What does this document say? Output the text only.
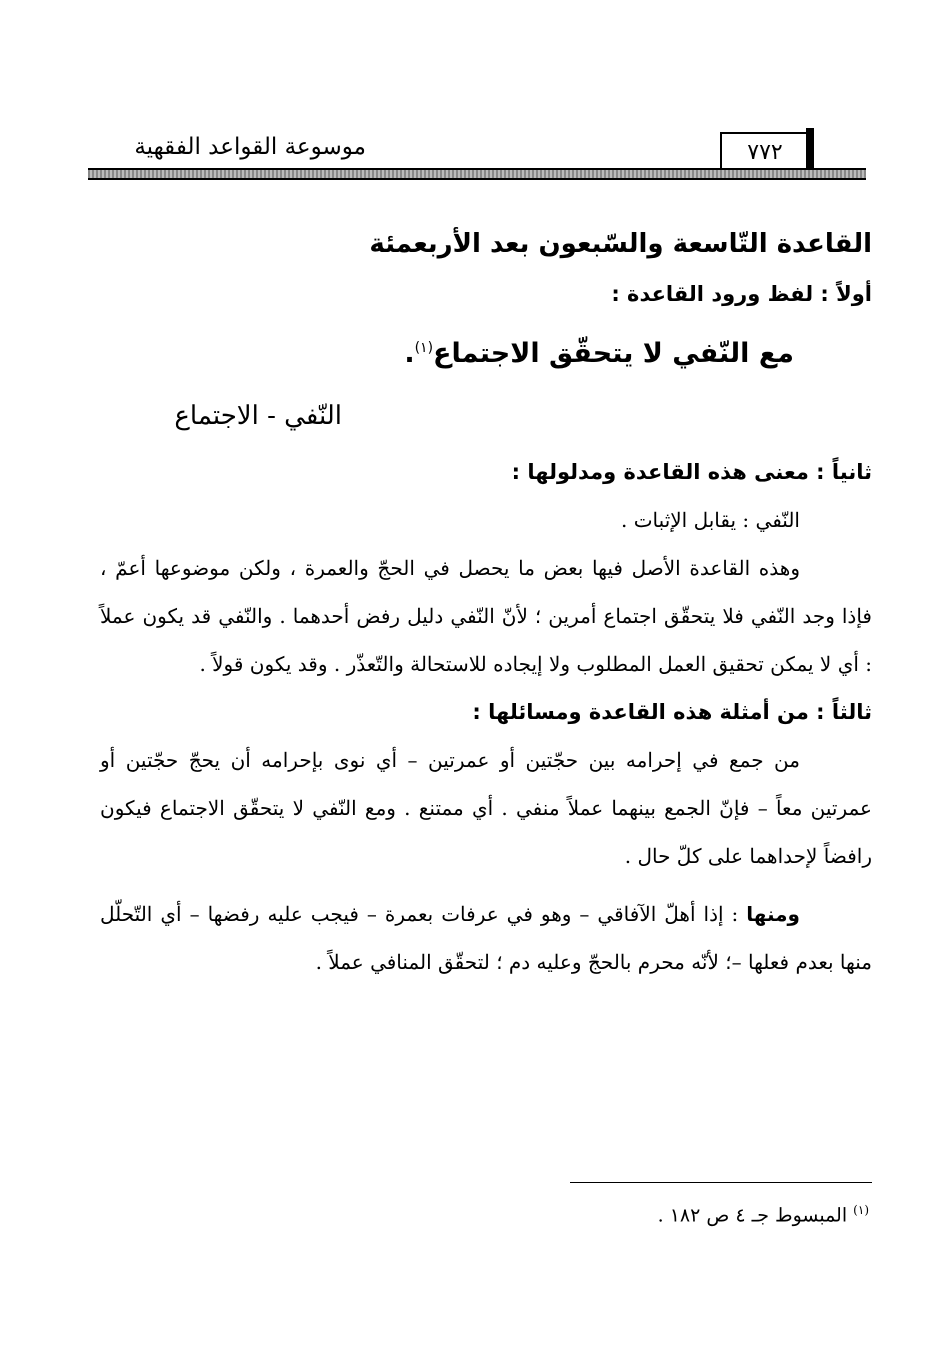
موسوعة القواعد الفقهية	٧٧٢

القاعدة التّاسعة والسّبعون بعد الأربعمئة

أولاً : لفظ ورود القاعدة :

مع النّفي لا يتحقّق الاجتماع$^{(١)}$.

النّفي - الاجتماع

ثانياً : معنى هذه القاعدة ومدلولها :

النّفي : يقابل الإثبات .

وهذه القاعدة الأصل فيها بعض ما يحصل في الحجّ والعمرة ، ولكن موضوعها أعمّ ، فإذا وجد النّفي فلا يتحقّق اجتماع أمرين ؛ لأنّ النّفي دليل رفض أحدهما . والنّفي قد يكون عملاً : أي لا يمكن تحقيق العمل المطلوب ولا إيجاده للاستحالة والتّعذّر . وقد يكون قولاً .

ثالثاً : من أمثلة هذه القاعدة ومسائلها :

من جمع في إحرامه بين حجّتين أو عمرتين – أي نوى بإحرامه أن يحجّ حجّتين أو عمرتين معاً – فإنّ الجمع بينهما عملاً منفي . أي ممتنع . ومع النّفي لا يتحقّق الاجتماع فيكون رافضاً لإحداهما على كلّ حال .

ومنها : إذا أهلّ الآفاقي – وهو في عرفات بعمرة – فيجب عليه رفضها – أي التّحلّل منها بعدم فعلها –؛ لأنّه محرم بالحجّ وعليه دم ؛ لتحقّق المنافي عملاً .

$^{(١)}$ المبسوط جـ ٤ ص ١٨٢ .
